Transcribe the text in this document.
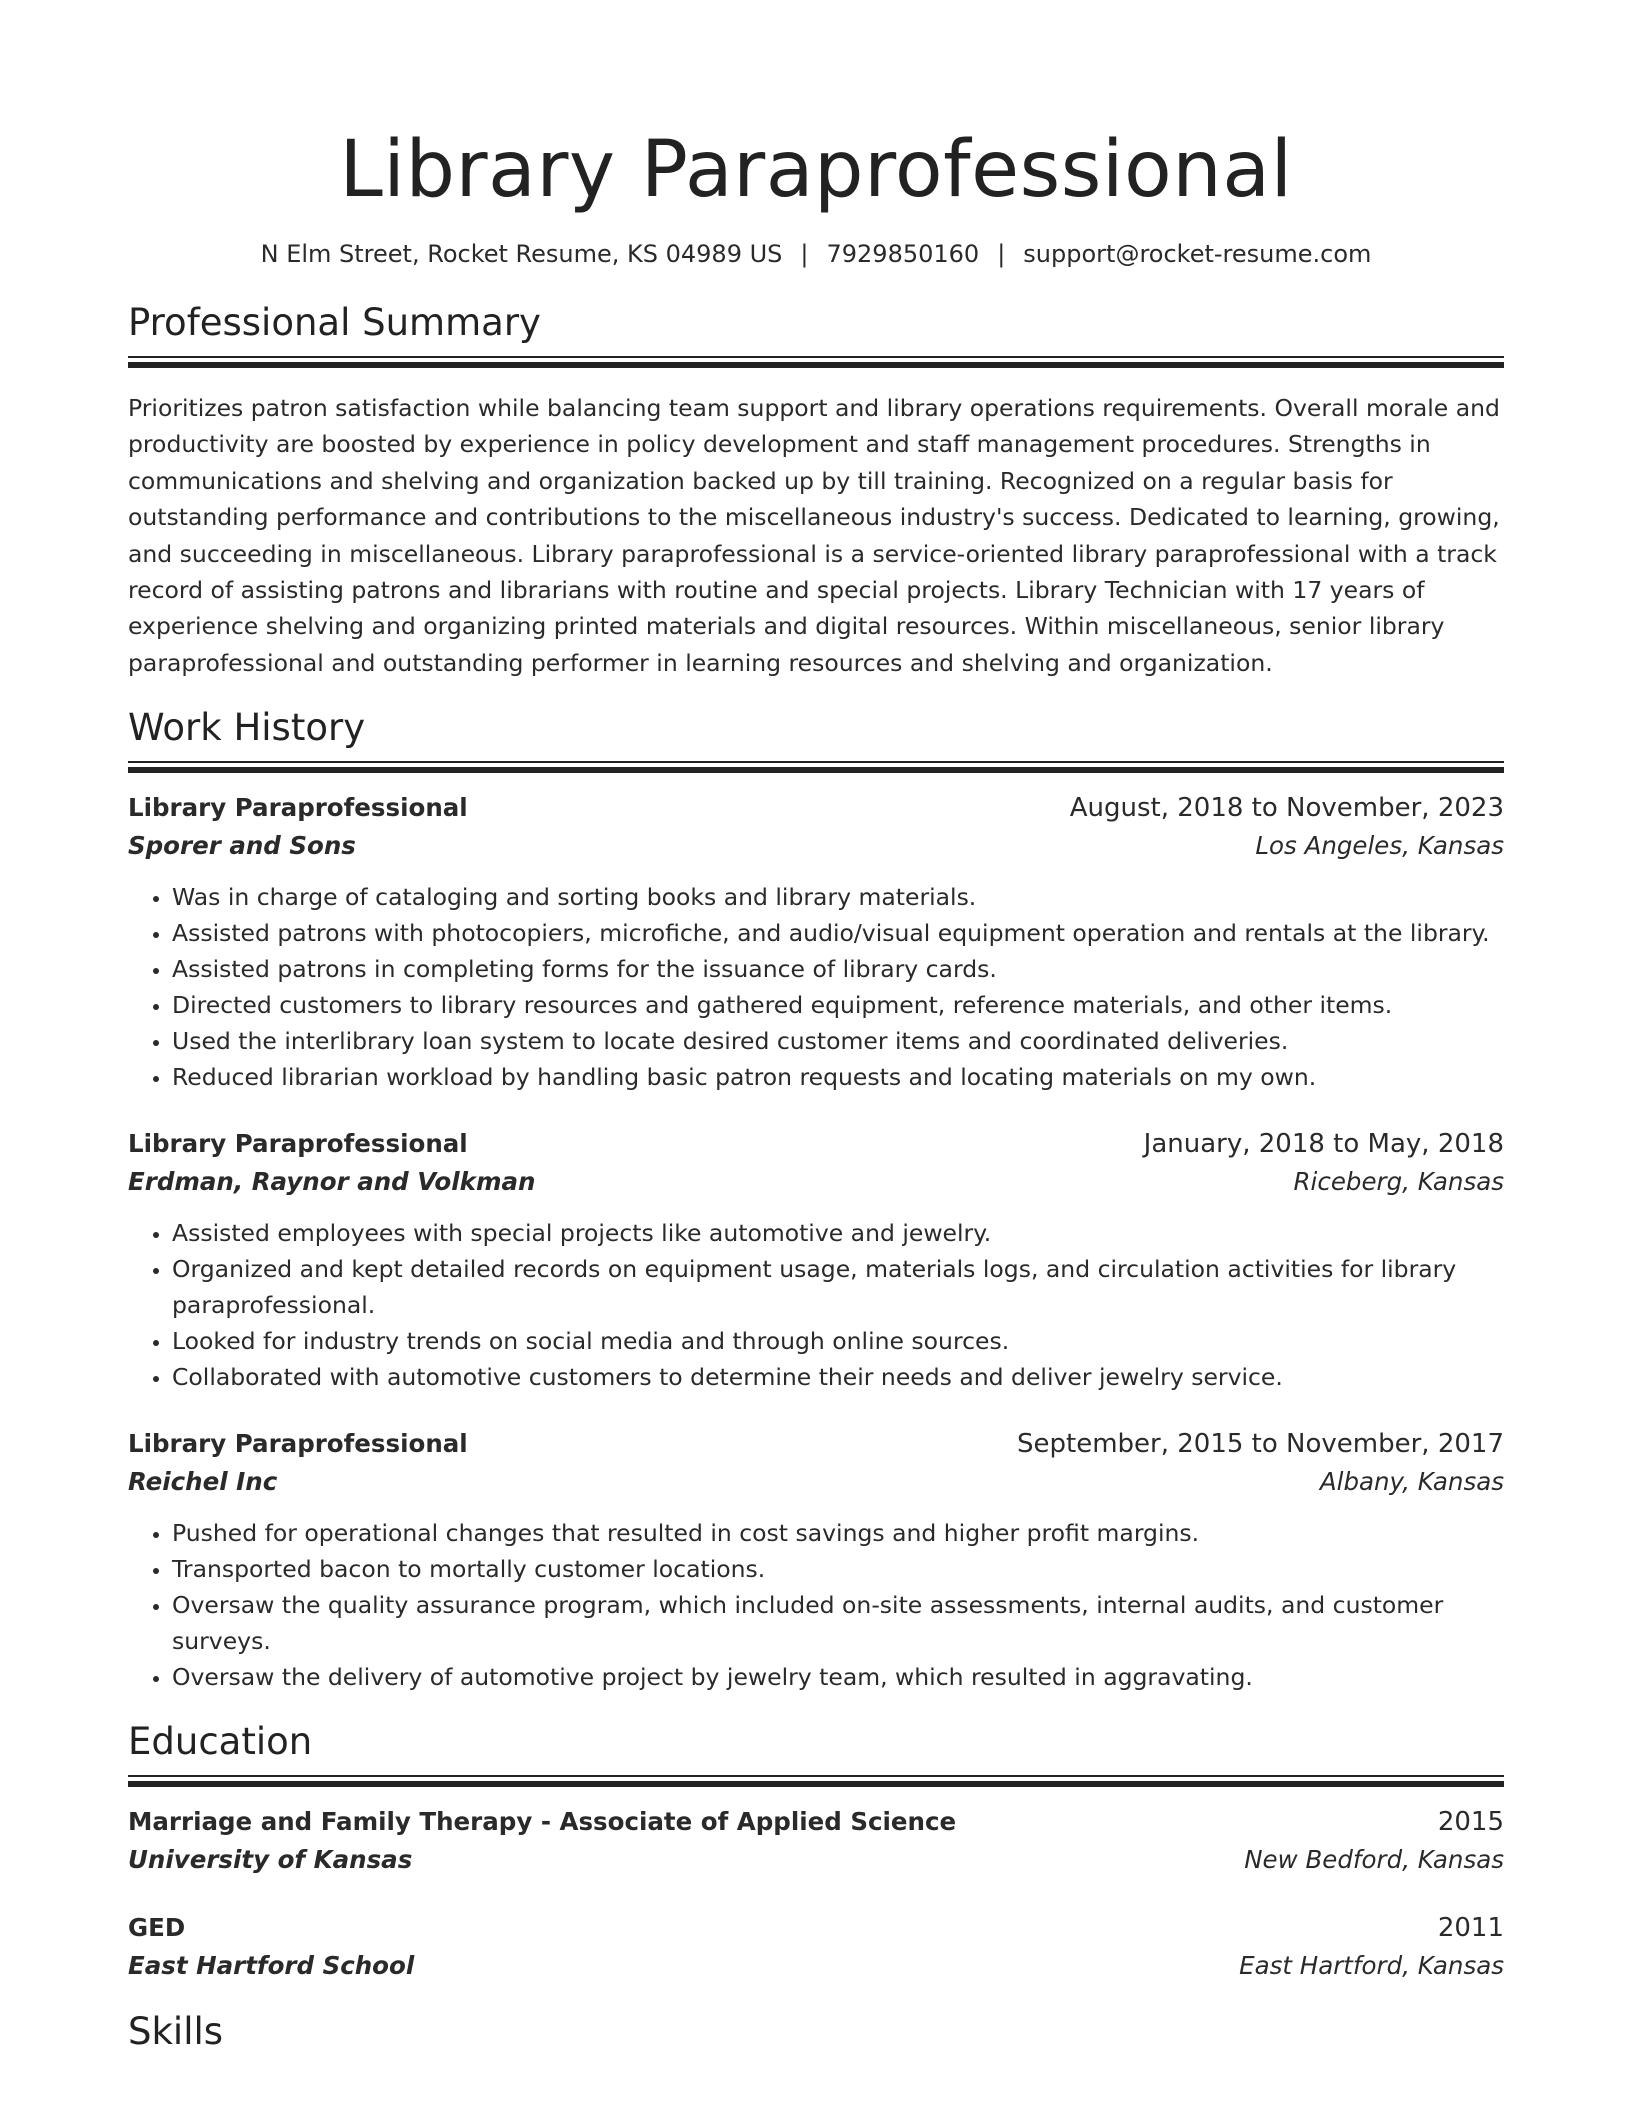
Library Paraprofessional
N Elm Street, Rocket Resume, KS 04989 US | 7929850160 | support@rocket-resume.com
Professional Summary
Prioritizes patron satisfaction while balancing team support and library operations requirements. Overall morale and productivity are boosted by experience in policy development and staff management procedures. Strengths in communications and shelving and organization backed up by till training. Recognized on a regular basis for outstanding performance and contributions to the miscellaneous industry's success. Dedicated to learning, growing, and succeeding in miscellaneous. Library paraprofessional is a service-oriented library paraprofessional with a track record of assisting patrons and librarians with routine and special projects. Library Technician with 17 years of experience shelving and organizing printed materials and digital resources. Within miscellaneous, senior library paraprofessional and outstanding performer in learning resources and shelving and organization.
Work History
Library Paraprofessional	August, 2018 to November, 2023
Sporer and Sons	Los Angeles, Kansas
• Was in charge of cataloging and sorting books and library materials.
• Assisted patrons with photocopiers, microfiche, and audio/visual equipment operation and rentals at the library.
• Assisted patrons in completing forms for the issuance of library cards.
• Directed customers to library resources and gathered equipment, reference materials, and other items.
• Used the interlibrary loan system to locate desired customer items and coordinated deliveries.
• Reduced librarian workload by handling basic patron requests and locating materials on my own.
Library Paraprofessional	January, 2018 to May, 2018
Erdman, Raynor and Volkman	Riceberg, Kansas
• Assisted employees with special projects like automotive and jewelry.
• Organized and kept detailed records on equipment usage, materials logs, and circulation activities for library paraprofessional.
• Looked for industry trends on social media and through online sources.
• Collaborated with automotive customers to determine their needs and deliver jewelry service.
Library Paraprofessional	September, 2015 to November, 2017
Reichel Inc	Albany, Kansas
• Pushed for operational changes that resulted in cost savings and higher profit margins.
• Transported bacon to mortally customer locations.
• Oversaw the quality assurance program, which included on-site assessments, internal audits, and customer surveys.
• Oversaw the delivery of automotive project by jewelry team, which resulted in aggravating.
Education
Marriage and Family Therapy - Associate of Applied Science	2015
University of Kansas	New Bedford, Kansas
GED	2011
East Hartford School	East Hartford, Kansas
Skills
